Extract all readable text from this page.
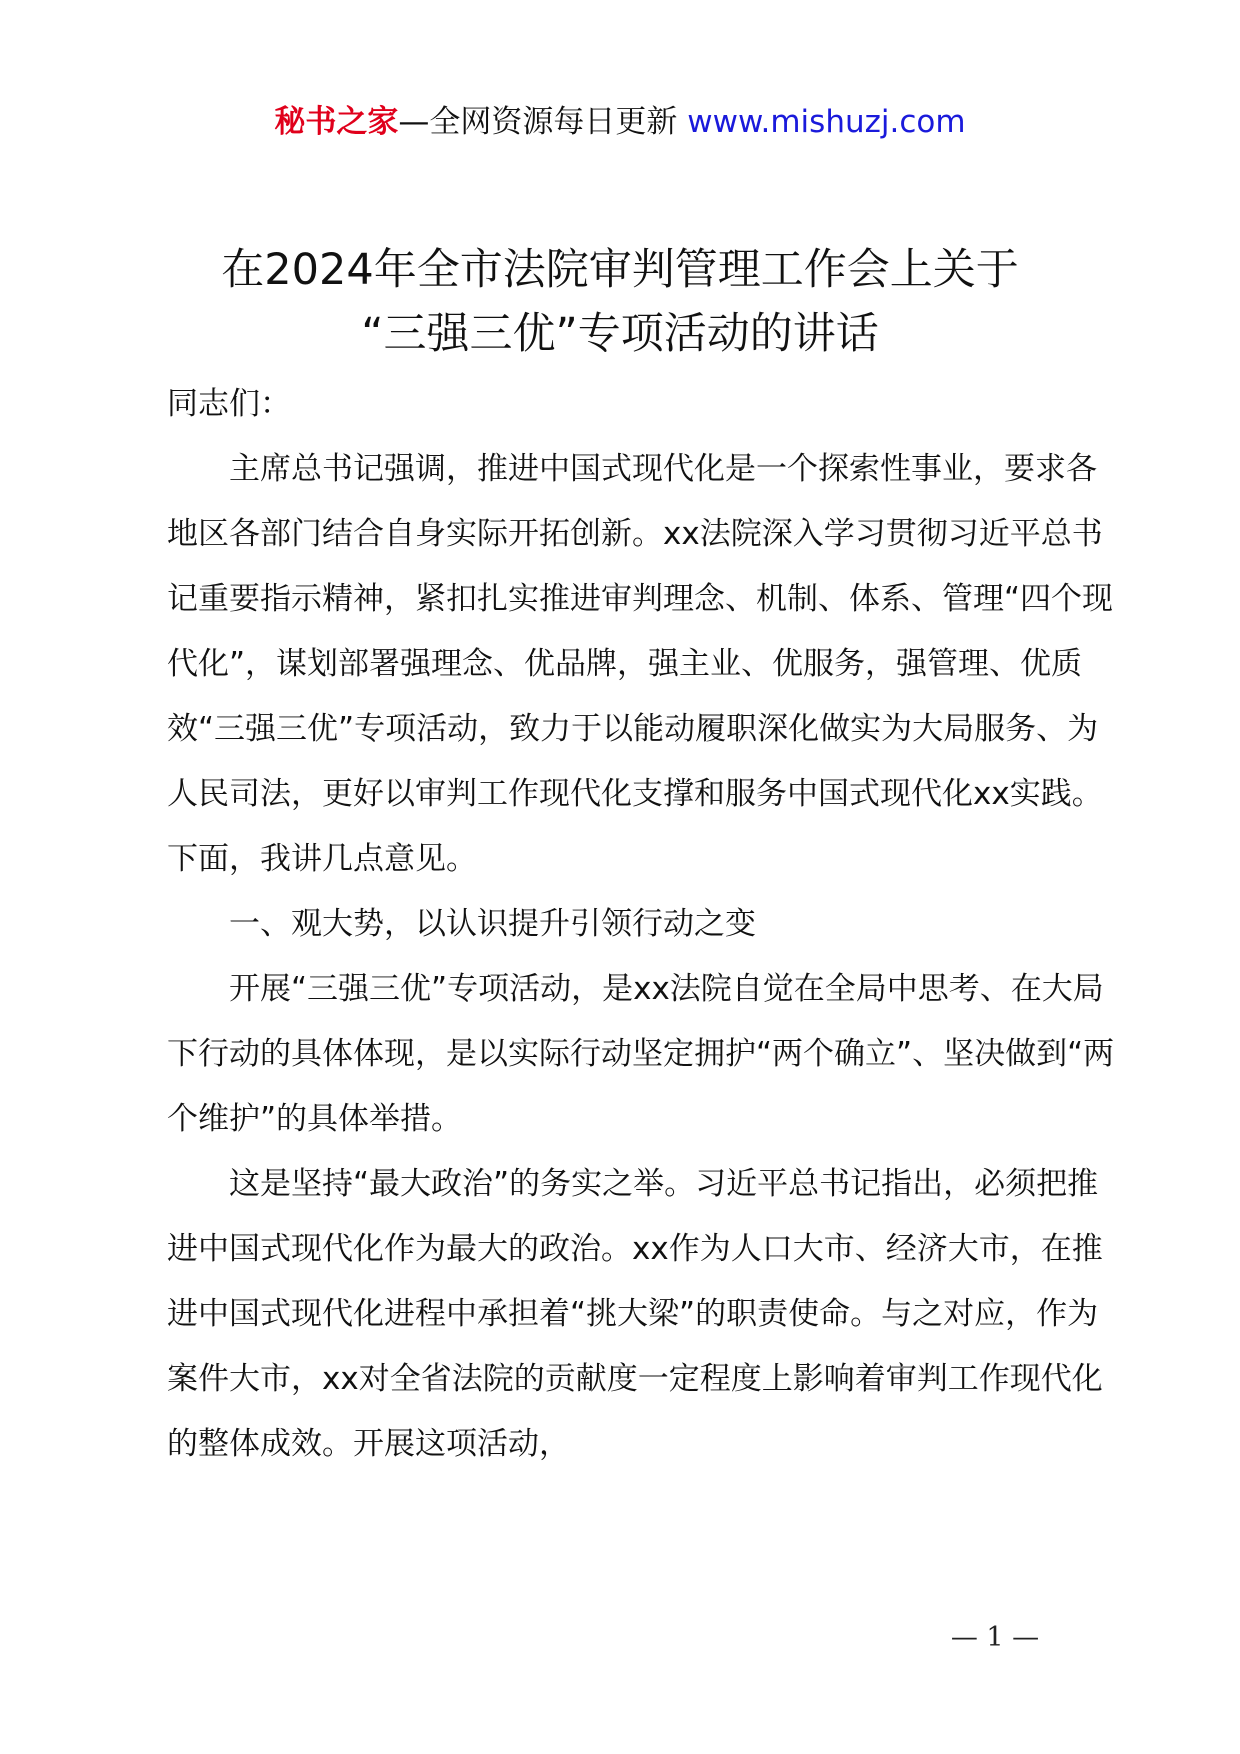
秘书之家—全网资源每日更新 www.mishuzj.com
在2024年全市法院审判管理工作会上关于
“三强三优”专项活动的讲话

同志们：

主席总书记强调，推进中国式现代化是一个探索性事业，要求各地区各部门结合自身实际开拓创新。xx法院深入学习贯彻习近平总书记重要指示精神，紧扣扎实推进审判理念、机制、体系、管理“四个现代化”，谋划部署强理念、优品牌，强主业、优服务，强管理、优质效“三强三优”专项活动，致力于以能动履职深化做实为大局服务、为人民司法，更好以审判工作现代化支撑和服务中国式现代化xx实践。下面，我讲几点意见。

一、观大势，以认识提升引领行动之变

开展“三强三优”专项活动，是xx法院自觉在全局中思考、在大局下行动的具体体现，是以实际行动坚定拥护“两个确立”、坚决做到“两个维护”的具体举措。

这是坚持“最大政治”的务实之举。习近平总书记指出，必须把推进中国式现代化作为最大的政治。xx作为人口大市、经济大市，在推进中国式现代化进程中承担着“挑大梁”的职责使命。与之对应，作为案件大市，xx对全省法院的贡献度一定程度上影响着审判工作现代化的整体成效。开展这项活动，

— 1 —
